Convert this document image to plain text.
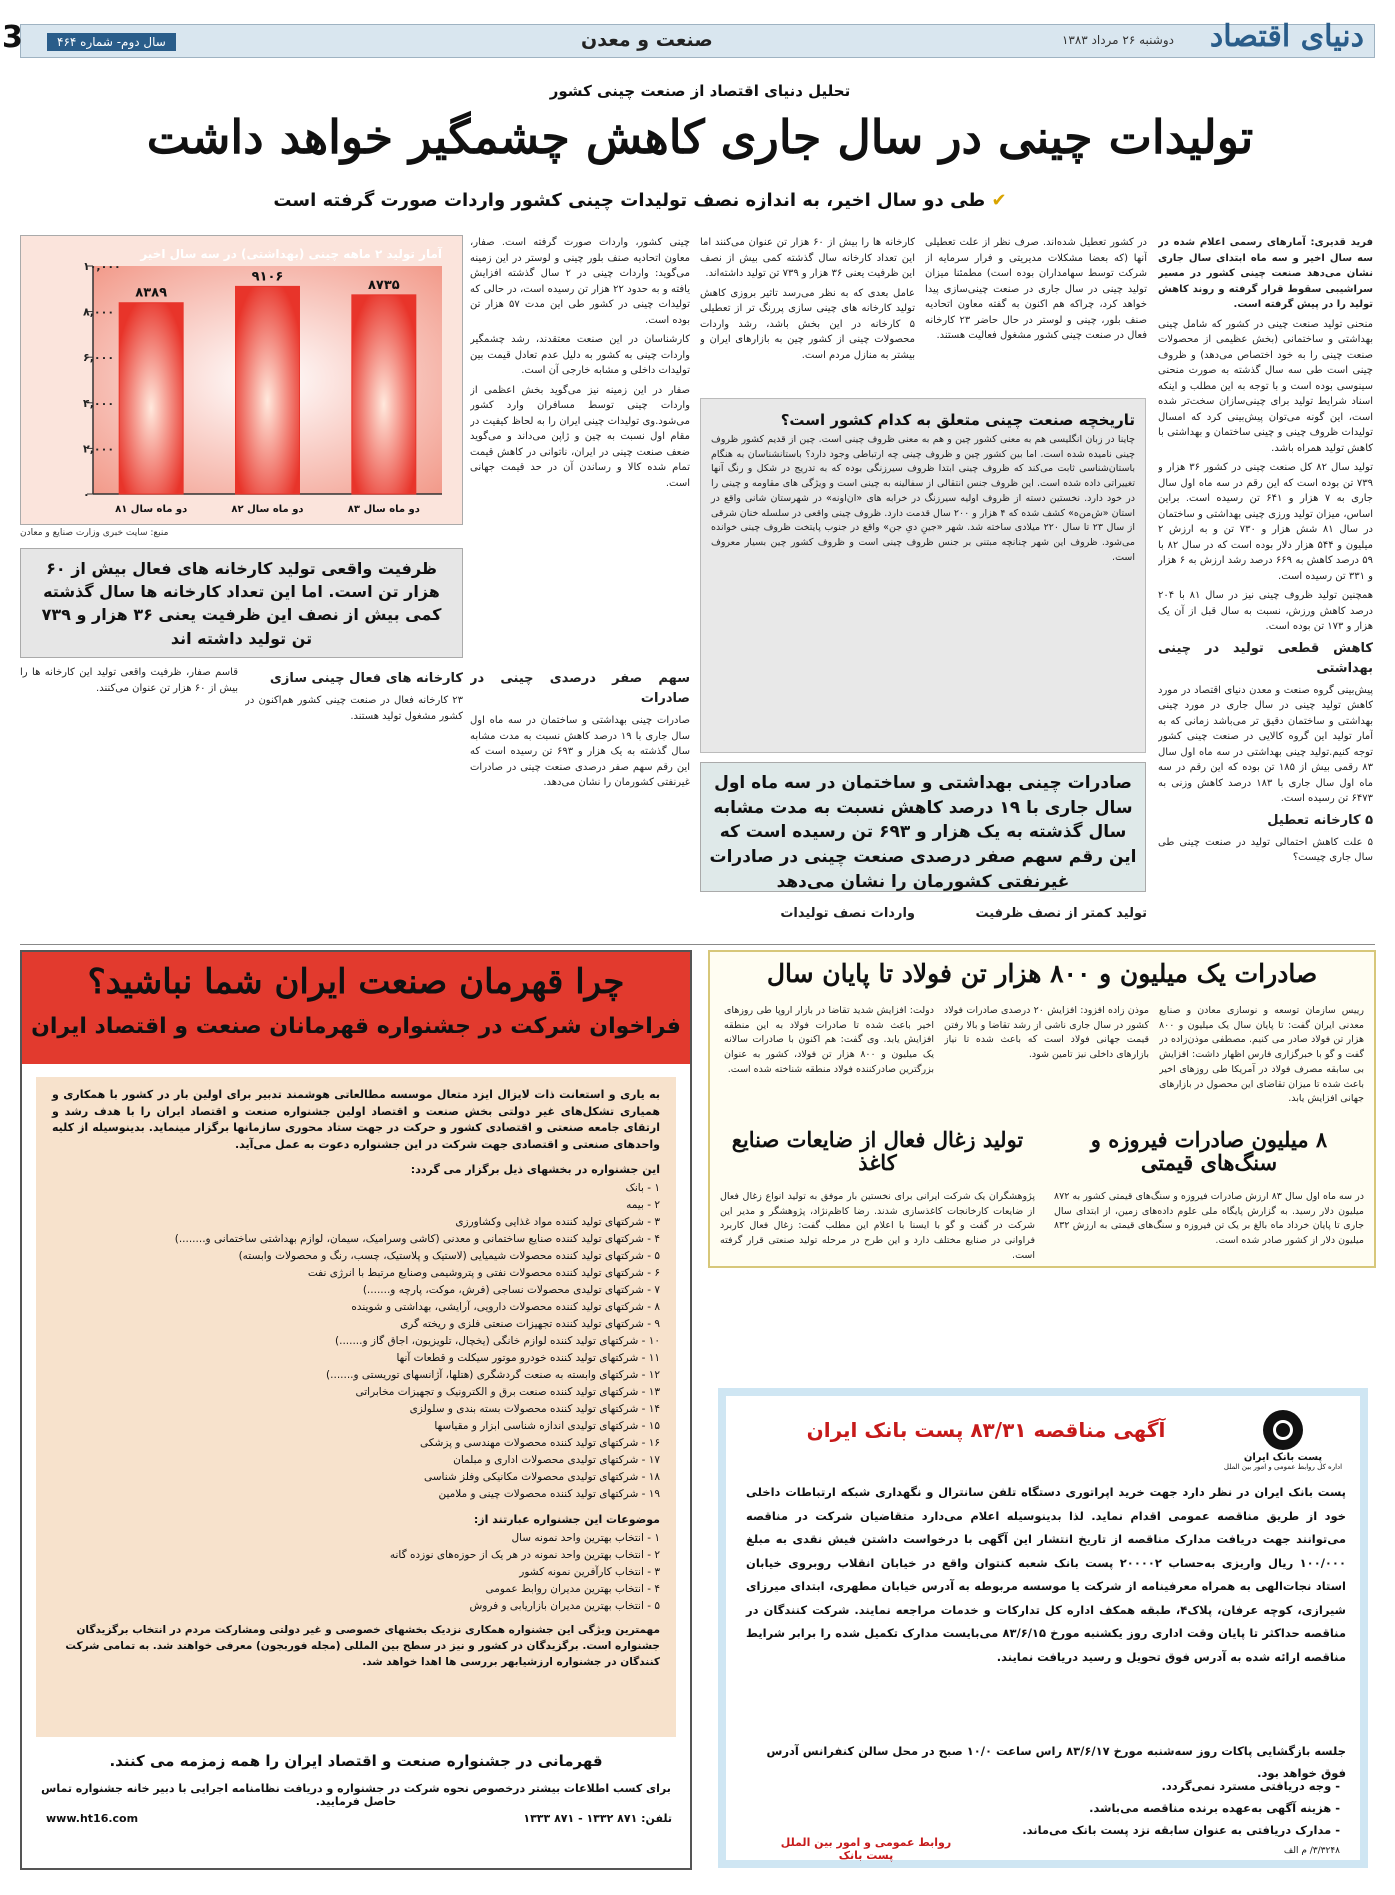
دنیای اقتصاد
دوشنبه ۲۶ مرداد ۱۳۸۳
صنعت و معدن
سال دوم- شماره ۴۶۴
3
تحلیل دنیای اقتصاد از صنعت چینی کشور
تولیدات چینی در سال جاری کاهش چشمگیر خواهد داشت
✔ طی دو سال اخیر، به اندازه نصف تولیدات چینی کشور واردات صورت گرفته است

فرید قدیری: آمارهای رسمی اعلام شده در سه سال اخیر و سه ماه ابتدای سال جاری نشان می‌دهد صنعت چینی کشور در مسیر سراشیبی سقوط قرار گرفته و روند کاهش تولید را در پیش گرفته است.

منحنی تولید صنعت چینی در کشور که شامل چینی بهداشتی و ساختمانی (بخش عظیمی از محصولات صنعت چینی را به خود اختصاص می‌دهد) و ظروف چینی است طی سه سال گذشته به صورت منحنی سینوسی بوده است و با توجه به این مطلب و اینکه اسناد شرایط تولید برای چینی‌سازان سخت‌تر شده است، این گونه می‌توان پیش‌بینی کرد که امسال تولیدات ظروف چینی و چینی ساختمان و بهداشتی با کاهش تولید همراه باشد.

تولید سال ۸۲ کل صنعت چینی در کشور ۳۶ هزار و ۷۳۹ تن بوده است که این رقم در سه ماه اول سال جاری به ۷ هزار و ۶۴۱ تن رسیده است. براین اساس، میزان تولید ورزی چینی بهداشتی و ساختمان در سال ۸۱ شش هزار و ۷۳۰ تن و به ارزش ۲ میلیون و ۵۴۴ هزار دلار بوده است که در سال ۸۲ با ۵۹ درصد کاهش به ۶۶۹ درصد رشد ارزش به ۶ هزار و ۳۳۱ تن رسیده است.

همچنین تولید ظروف چینی نیز در سال ۸۱ با ۲۰۴ درصد کاهش ورزش، نسبت به سال قبل از آن یک هزار و ۱۷۳ تن بوده است.

کاهش قطعی تولید در چینی بهداشتی

پیش‌بینی گروه صنعت و معدن دنیای اقتصاد در مورد کاهش تولید چینی در سال جاری در مورد چینی بهداشتی و ساختمان دقیق تر می‌باشد زمانی که به آمار تولید این گروه کالایی در صنعت چینی کشور توجه کنیم.تولید چینی بهداشتی در سه ماه اول سال ۸۳ رقمی بیش از ۱۸۵ تن بوده که این رقم در سه ماه اول سال جاری با ۱۸۳ درصد کاهش وزنی به ۶۴۷۳ تن رسیده است.

۵ کارخانه تعطیل

۵ علت کاهش احتمالی تولید در صنعت چینی طی سال جاری چیست؟

در کشور تعطیل شده‌اند. صرف نظر از علت تعطیلی آنها (که بعضا مشکلات مدیریتی و فرار سرمایه از شرکت توسط سهامداران بوده است) مطمئنا میزان تولید چینی در سال جاری در صنعت چینی‌سازی پیدا خواهد کرد، چراکه هم اکنون به گفته معاون اتحادیه صنف بلور، چینی و لوستر در حال حاضر ۲۳ کارخانه فعال در صنعت چینی کشور مشغول فعالیت هستند.

کارخانه ها را بیش از ۶۰ هزار تن عنوان می‌کنند اما این تعداد کارخانه سال گذشته کمی بیش از نصف این ظرفیت یعنی ۳۶ هزار و ۷۳۹ تن تولید داشته‌اند.

عامل بعدی که به نظر می‌رسد تاثیر بروزی کاهش تولید کارخانه های چینی سازی پررنگ تر از تعطیلی ۵ کارخانه در این بخش باشد، رشد واردات محصولات چینی از کشور چین به بازارهای ایران و بیشتر به منازل مردم است.

تاریخچه صنعت چینی متعلق به کدام کشور است؟
چاینا در زبان انگلیسی هم به معنی کشور چین و هم به معنی ظروف چینی است. چین از قدیم کشور ظروف چینی نامیده شده است. اما بین کشور چین و ظروف چینی چه ارتباطی وجود دارد؟ باستانشناسان به هنگام باستان‌شناسی ثابت می‌کند که ظروف چینی ابتدا ظروف سیرزنگی بوده که به تدریج در شکل و رنگ آنها تغییراتی داده شده است. این ظروف جنس انتقالی از سفالینه به چینی است و ویژگی های مقاومه و چینی را در خود دارد. نخستین دسته از ظروف اولیه سیرزنگ در خرابه های «ان‌اونه» در شهرستان شانی واقع در استان «ش‌من‌ه» کشف شده که ۴ هزار و ۲۰۰ سال قدمت دارد. ظروف چینی واقعی در سلسله خنان شرقی از سال ۲۳ تا سال ۲۲۰ میلادی ساخته شد. شهر «جینِ دیِ جن» واقع در جنوب پایتخت ظروف چینی خوانده می‌شود. ظروف این شهر چنانچه مبتنی بر جنس ظروف چینی است و ظروف کشور چین بسیار معروف است.
صادرات چینی بهداشتی و ساختمان در سه ماه اول سال جاری با ۱۹ درصد کاهش نسبت به مدت مشابه سال گذشته به یک هزار و ۶۹۳ تن رسیده است که این رقم سهم صفر درصدی صنعت چینی در صادرات غیرنفتی کشورمان را نشان می‌دهد

چینی کشور، واردات صورت گرفته است. صفار، معاون اتحادیه صنف بلور چینی و لوستر در این زمینه می‌گوید: واردات چینی در ۲ سال گذشته افزایش یافته و به حدود ۲۲ هزار تن رسیده است، در حالی که تولیدات چینی در کشور طی این مدت ۵۷ هزار تن بوده است.

کارشناسان در این صنعت معتقدند، رشد چشمگیر واردات چینی به کشور به دلیل عدم تعادل قیمت بین تولیدات داخلی و مشابه خارجی آن است.

صفار در این زمینه نیز می‌گوید بخش اعظمی از واردات چینی توسط مسافران وارد کشور می‌شود.وی تولیدات چینی ایران را به لحاظ کیفیت در مقام اول نسبت به چین و ژاپن می‌داند و می‌گوید ضعف صنعت چینی در ایران، ناتوانی در کاهش قیمت تمام شده کالا و رساندن آن در حد قیمت جهانی است.

آمار تولید ۲ ماهه چینی (بهداشتی) در سه سال اخیر
۱۰,۰۰۰
۸,۰۰۰
۶,۰۰۰
۴,۰۰۰
۲,۰۰۰
۰
۸۳۸۹
دو ماه سال ۸۱
۹۱۰۶
دو ماه سال ۸۲
۸۷۳۵
دو ماه سال ۸۳
منبع: سایت خبری وزارت صنایع و معادن
ظرفیت واقعی تولید کارخانه های فعال بیش از ۶۰ هزار تن است. اما این تعداد کارخانه ها سال گذشته کمی بیش از نصف این ظرفیت یعنی ۳۶ هزار و ۷۳۹ تن تولید داشته اند
سهم صفر درصدی چینی در صادرات

صادرات چینی بهداشتی و ساختمان در سه ماه اول سال جاری با ۱۹ درصد کاهش نسبت به مدت مشابه سال گذشته به یک هزار و ۶۹۳ تن رسیده است که این رقم سهم صفر درصدی صنعت چینی در صادرات غیرنفتی کشورمان را نشان می‌دهد.

کارخانه های فعال چینی سازی

۲۳ کارخانه فعال در صنعت چینی کشور هم‌اکنون در کشور مشغول تولید هستند.

قاسم صفار، ظرفیت واقعی تولید این کارخانه ها را بیش از ۶۰ هزار تن عنوان می‌کنند.

تولید کمتر از نصف ظرفیت
واردات نصف تولیدات
چرا قهرمان صنعت ایران شما نباشید؟
فراخوان شرکت در جشنواره قهرمانان صنعت و اقتصاد ایران
به یاری و استعانت ذات لایزال ایزد متعال موسسه مطالعاتی هوشمند تدبیر برای اولین بار در کشور با همکاری و همیاری تشکل‌های غیر دولتی بخش صنعت و اقتصاد اولین جشنواره صنعت و اقتصاد ایران را با هدف رشد و ارتقای جامعه صنعتی و اقتصادی کشور و حرکت در جهت ستاد محوری سازمانها برگزار مینماید. بدینوسیله از کلیه واحدهای صنعتی و اقتصادی جهت شرکت در این جشنواره دعوت به عمل می‌آید.
این جشنواره در بخشهای ذیل برگزار می گردد:
۱ - بانک
۲ - بیمه
۳ - شرکتهای تولید کننده مواد غذایی وکشاورزی
۴ - شرکتهای تولید کننده صنایع ساختمانی و معدنی (کاشی وسرامیک، سیمان، لوازم بهداشتی ساختمانی و........)
۵ - شرکتهای تولید کننده محصولات شیمیایی (لاستیک و پلاستیک، چسب، رنگ و محصولات وابسته)
۶ - شرکتهای تولید کننده محصولات نفتی و پتروشیمی وصنایع مرتبط با انرژی نفت
۷ - شرکتهای تولیدی محصولات نساجی (فرش، موکت، پارچه و.......)
۸ - شرکتهای تولید کننده محصولات دارویی، آرایشی، بهداشتی و شوینده
۹ - شرکتهای تولید کننده تجهیزات صنعتی فلزی و ریخته گری
۱۰ - شرکتهای تولید کننده لوازم خانگی (یخچال، تلویزیون، اجاق گاز و.......)
۱۱ - شرکتهای تولید کننده خودرو موتور سیکلت و قطعات آنها
۱۲ - شرکتهای وابسته به صنعت گردشگری (هتلها، آژانسهای توریستی و.......)
۱۳ - شرکتهای تولید کننده صنعت برق و الکترونیک و تجهیزات مخابراتی
۱۴ - شرکتهای تولید کننده محصولات بسته بندی و سلولزی
۱۵ - شرکتهای تولیدی اندازه شناسی ابزار و مقیاسها
۱۶ - شرکتهای تولید کننده محصولات مهندسی و پزشکی
۱۷ - شرکتهای تولیدی محصولات اداری و مبلمان
۱۸ - شرکتهای تولیدی محصولات مکانیکی وفلز شناسی
۱۹ - شرکتهای تولید کننده محصولات چینی و ملامین
موضوعات این جشنواره عبارتند از:
۱ - انتخاب بهترین واحد نمونه سال
۲ - انتخاب بهترین واحد نمونه در هر یک از حوزه‌های نوزده گانه
۳ - انتخاب کارآفرین نمونه کشور
۴ - انتخاب بهترین مدیران روابط عمومی
۵ - انتخاب بهترین مدیران بازاریابی و فروش
مهمترین ویژگی این جشنواره همکاری نزدیک بخشهای خصوصی و غیر دولتی ومشارکت مردم در انتخاب برگزیدگان جشنواره است. برگزیدگان در کشور و نیز در سطح بین المللی (مجله فوربجون) معرفی خواهند شد. به تمامی شرکت کنندگان در جشنواره ارزشیابهر بررسی ها اهدا خواهد شد.
قهرمانی در جشنواره صنعت و اقتصاد ایران را همه زمزمه می کنند.
برای کسب اطلاعات بیشتر درخصوص نحوه شرکت در جشنواره و دریافت نظامنامه اجرایی با دبیر خانه جشنواره تماس حاصل فرمایید.
تلفن: ۸۷۱ ۱۳۳۲ - ۸۷۱ ۱۳۳۳
www.ht16.com
صادرات یک میلیون و ۸۰۰ هزار تن فولاد تا پایان سال
رییس سازمان توسعه و نوسازی معادن و صنایع معدنی ایران گفت: تا پایان سال یک میلیون و ۸۰۰ هزار تن فولاد صادر می کنیم. مصطفی موذن‌زاده در گفت و گو با خبرگزاری فارس اظهار داشت: افزایش بی سابقه مصرف فولاد در آمریکا طی روزهای اخیر باعث شده تا میزان تقاضای این محصول در بازارهای جهانی افزایش یابد.
موذن زاده افزود: افزایش ۲۰ درصدی صادرات فولاد کشور در سال جاری ناشی از رشد تقاضا و بالا رفتن قیمت جهانی فولاد است که باعث شده تا نیاز بازارهای داخلی نیز تامین شود.
دولت: افزایش شدید تقاضا در بازار اروپا طی روزهای اخیر باعث شده تا صادرات فولاد به این منطقه افزایش یابد. وی گفت: هم اکنون با صادرات سالانه یک میلیون و ۸۰۰ هزار تن فولاد، کشور به عنوان بزرگترین صادرکننده فولاد منطقه شناخته شده است.
۸ میلیون صادرات فیروزه و سنگ‌های قیمتی
در سه ماه اول سال ۸۳ ارزش صادرات فیروزه و سنگ‌های قیمتی کشور به ۸۷۲ میلیون دلار رسید. به گزارش پایگاه ملی علوم داده‌های زمین، از ابتدای سال جاری تا پایان خرداد ماه بالغ بر یک تن فیروزه و سنگ‌های قیمتی به ارزش ۸۳۲ میلیون دلار از کشور صادر شده است.
تولید زغال فعال از ضایعات صنایع کاغذ
پژوهشگران یک شرکت ایرانی برای نخستین بار موفق به تولید انواع زغال فعال از ضایعات کارخانجات کاغذسازی شدند. رضا کاظم‌نژاد، پژوهشگر و مدیر این شرکت در گفت و گو با ایسنا با اعلام این مطلب گفت: زغال فعال کاربرد فراوانی در صنایع مختلف دارد و این طرح در مرحله تولید صنعتی قرار گرفته است.
پست بانک ایران
اداره کل روابط عمومی و امور بین الملل
آگهی مناقصه ۸۳/۳۱ پست بانک ایران
پست بانک ایران در نظر دارد جهت خرید اپراتوری دستگاه تلفن سانترال و نگهداری شبکه ارتباطات داخلی خود از طریق مناقصه عمومی اقدام نماید. لذا بدینوسیله اعلام می‌دارد متقاضیان شرکت در مناقصه می‌توانند جهت دریافت مدارک مناقصه از تاریخ انتشار این آگهی با درخواست داشتن فیش نقدی به مبلغ ۱۰۰/۰۰۰ ریال واریزی به‌حساب ۲۰۰۰۰۲ پست بانک شعبه کنتوان واقع در خیابان انقلاب روبروی خیابان استاد نجات‌الهی به همراه معرفینامه از شرکت یا موسسه مربوطه به آدرس خیابان مطهری، ابتدای میرزای شیرازی، کوچه عرفان، پلاک۴، طبقه همکف اداره کل تدارکات و خدمات مراجعه نمایند. شرکت کنندگان در مناقصه حداکثر تا پایان وقت اداری روز یکشنبه مورخ ۸۳/۶/۱۵ می‌بایست مدارک تکمیل شده را برابر شرایط مناقصه ارائه شده به آدرس فوق تحویل و رسید دریافت نمایند.
جلسه بازگشایی پاکات روز سه‌شنبه مورخ ۸۳/۶/۱۷ راس ساعت ۱۰/۰ صبح در محل سالن کنفرانس آدرس فوق خواهد بود.
- وجه دریافتی مسترد نمی‌گردد.
- هزینه آگهی به‌عهده برنده مناقصه می‌باشد.
- مدارک دریافتی به عنوان سابقه نزد پست بانک می‌ماند.
روابط عمومی و امور بین الملل پست بانک	۳/۳۲۴۸/ م الف
